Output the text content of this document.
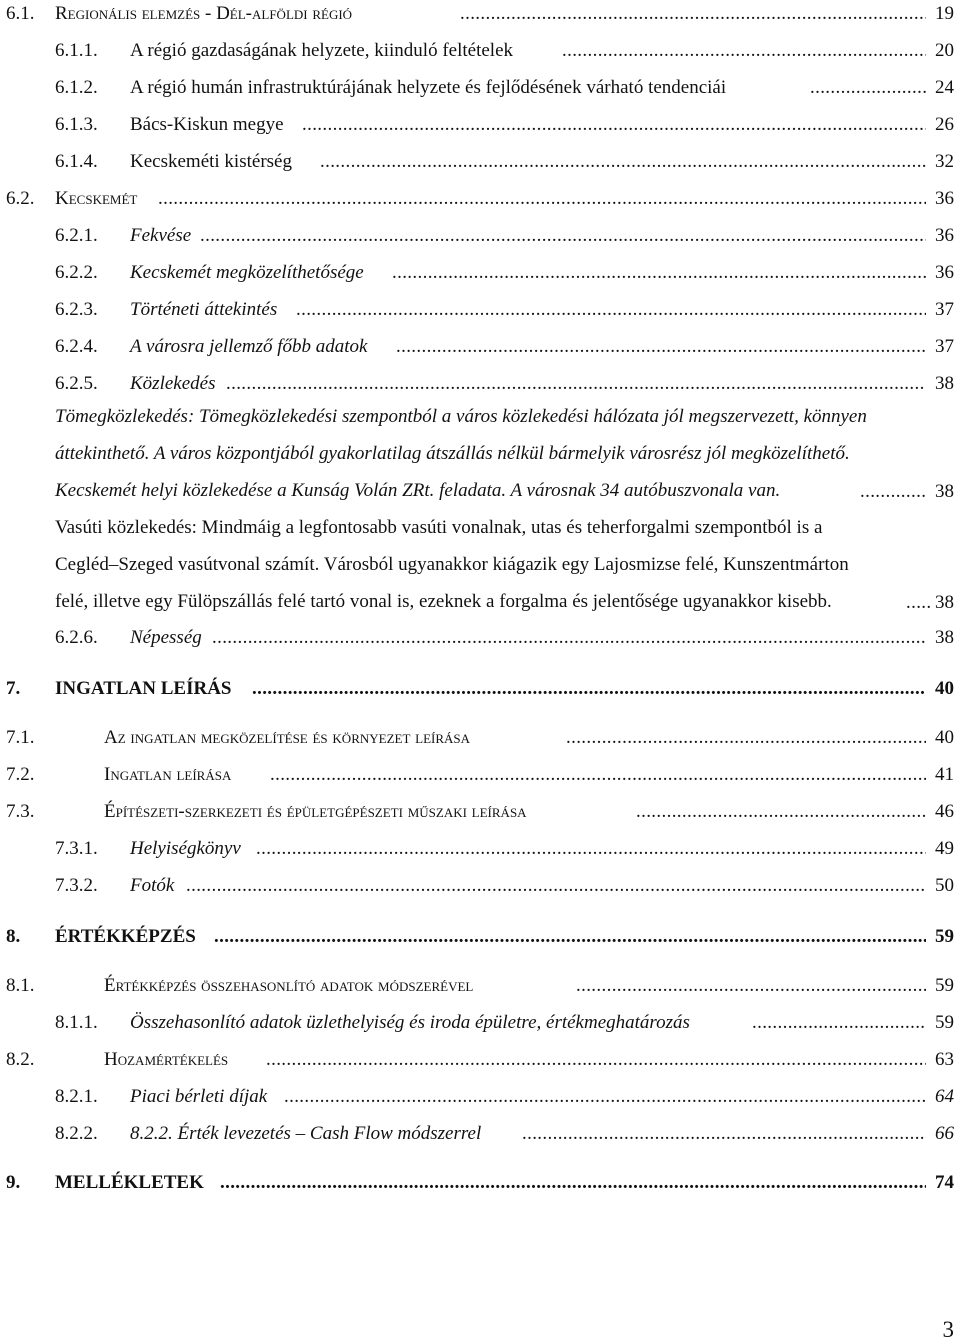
6.1. Regionális elemzés - Dél-alföldi régió . . .	19
6.1.1. A régió gazdaságának helyzete, kiinduló feltételek . . .	20
6.1.2. A régió humán infrastruktúrájának helyzete és fejlődésének várható tendenciái . . .	24
6.1.3. Bács-Kiskun megye . . .	26
6.1.4. Kecskeméti kistérség . . .	32
6.2. Kecskemét . . .	36
6.2.1. Fekvése . . .	36
6.2.2. Kecskemét megközelíthetősége . . .	36
6.2.3. Történeti áttekintés . . .	37
6.2.4. A városra jellemző főbb adatok . . .	37
6.2.5. Közlekedés . . .	38
Tömegközlekedés: Tömegközlekedési szempontból a város közlekedési hálózata jól megszervezett, könnyen
áttekinthető. A város központjából gyakorlatilag átszállás nélkül bármelyik városrész jól megközelíthető.
Kecskemét helyi közlekedése a Kunság Volán ZRt. feladata. A városnak 34 autóbuszvonala van. . . .	38
Vasúti közlekedés: Mindmáig a legfontosabb vasúti vonalnak, utas és teherforgalmi szempontból is a
Cegléd–Szeged vasútvonal számít. Városból ugyanakkor kiágazik egy Lajosmizse felé, Kunszentmárton
felé, illetve egy Fülöpszállás felé tartó vonal is, ezeknek a forgalma és jelentősége ugyanakkor kisebb. . . .	38
6.2.6. Népesség . . .	38
7. INGATLAN LEÍRÁS . . .	40
7.1.	Az ingatlan megközelítése és környezet leírása . . .	40
7.2.	Ingatlan leírása . . .	41
7.3.	Építészeti-szerkezeti és épületgépészeti műszaki leírása . . .	46
7.3.1. Helyiségkönyv . . .	49
7.3.2. Fotók . . .	50
8. ÉRTÉKKÉPZÉS . . .	59
8.1.	Értékképzés összehasonlító adatok módszerével . . .	59
8.1.1. Összehasonlító adatok üzlethelyiség és iroda épületre, értékmeghatározás . . .	59
8.2.	Hozamértékelés . . .	63
8.2.1. Piaci bérleti díjak . . .	64
8.2.2. 8.2.2. Érték levezetés – Cash Flow módszerrel . . .	66
9. MELLÉKLETEK . . .	74
3
